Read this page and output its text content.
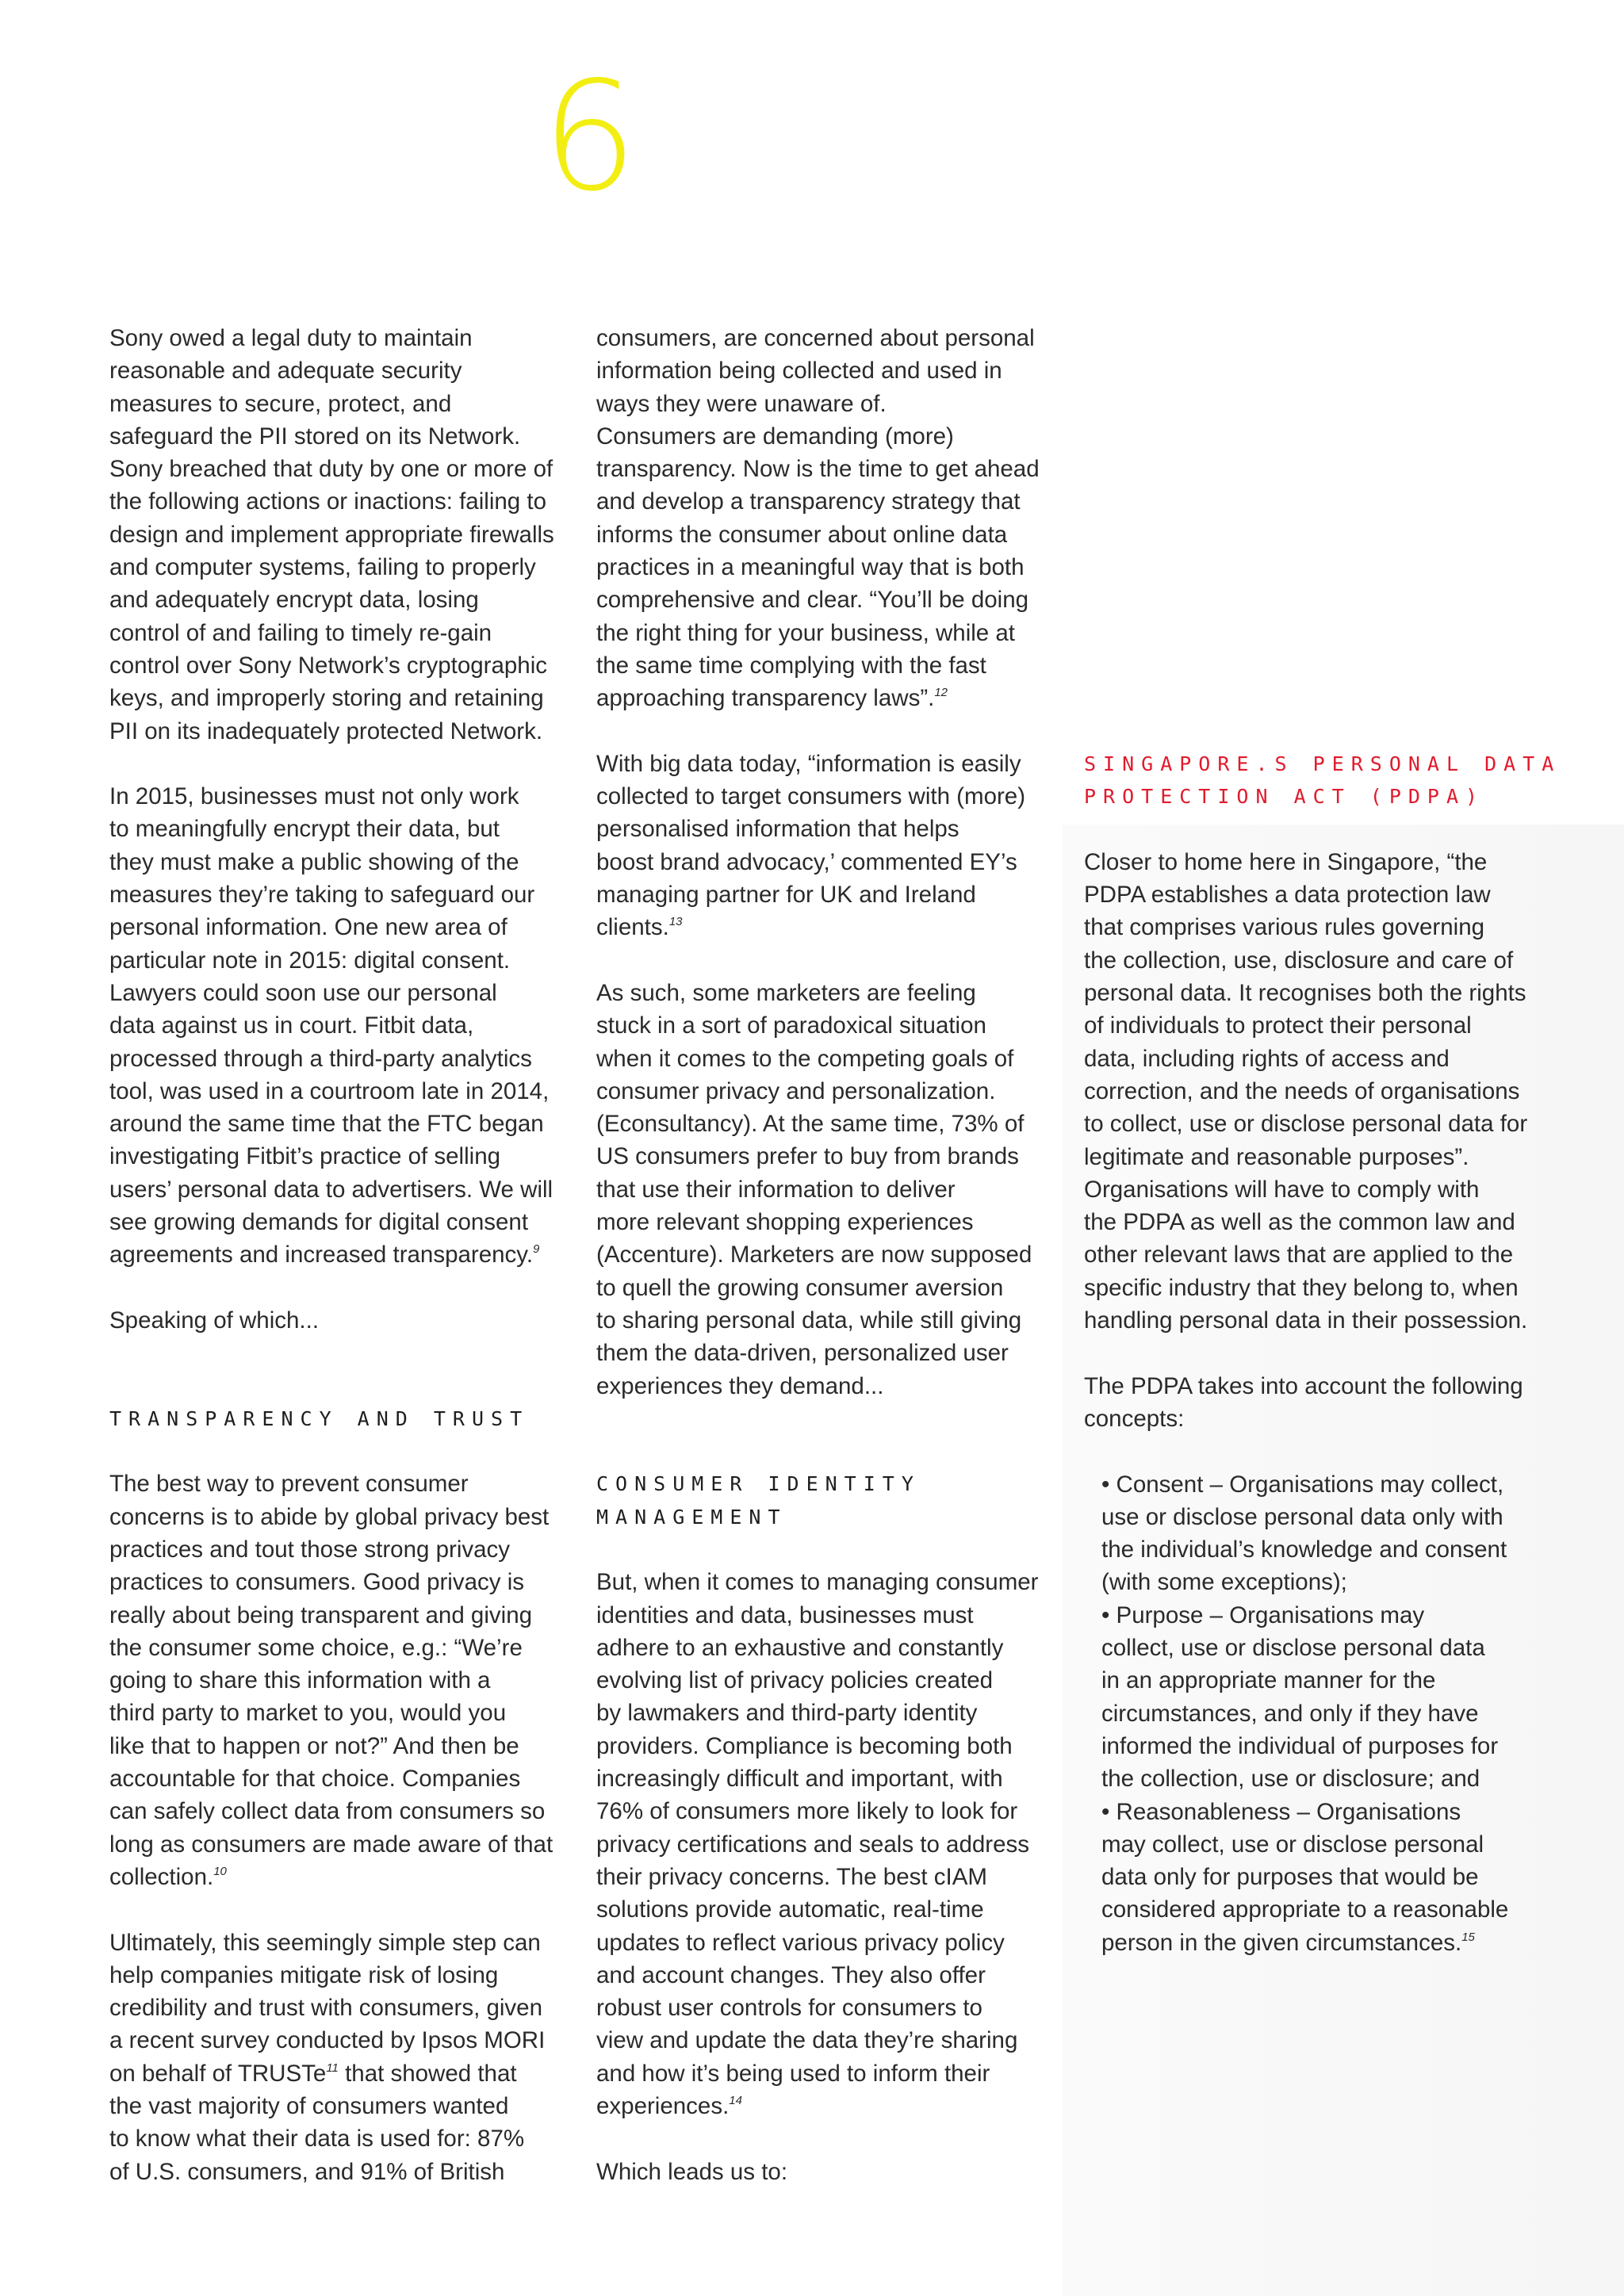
6

Sony owed a legal duty to maintain

reasonable and adequate security

measures to secure, protect, and

safeguard the PII stored on its Network.

Sony breached that duty by one or more of

the following actions or inactions: failing to

design and implement appropriate firewalls

and computer systems, failing to properly

and adequately encrypt data, losing

control of and failing to timely re-gain

control over Sony Network’s cryptographic

keys, and improperly storing and retaining

PII on its inadequately protected Network.

In 2015, businesses must not only work

to meaningfully encrypt their data, but

they must make a public showing of the

measures they’re taking to safeguard our

personal information. One new area of

particular note in 2015: digital consent.

Lawyers could soon use our personal

data against us in court. Fitbit data,

processed through a third-party analytics

tool, was used in a courtroom late in 2014,

around the same time that the FTC began

investigating Fitbit’s practice of selling

users’ personal data to advertisers. We will

see growing demands for digital consent

agreements and increased transparency.$^9$

Speaking of which...

TRANSPARENCY AND TRUST

The best way to prevent consumer

concerns is to abide by global privacy best

practices and tout those strong privacy

practices to consumers. Good privacy is

really about being transparent and giving

the consumer some choice, e.g.: “We’re

going to share this information with a

third party to market to you, would you

like that to happen or not?” And then be

accountable for that choice. Companies

can safely collect data from consumers so

long as consumers are made aware of that

collection.$^{10}$

Ultimately, this seemingly simple step can

help companies mitigate risk of losing

credibility and trust with consumers, given

a recent survey conducted by Ipsos MORI

on behalf of TRUSTe$^{11}$ that showed that

the vast majority of consumers wanted

to know what their data is used for: 87%

of U.S. consumers, and 91% of British

consumers, are concerned about personal

information being collected and used in

ways they were unaware of.

Consumers are demanding (more)

transparency. Now is the time to get ahead

and develop a transparency strategy that

informs the consumer about online data

practices in a meaningful way that is both

comprehensive and clear. “You’ll be doing

the right thing for your business, while at

the same time complying with the fast

approaching transparency laws”.$^{12}$

With big data today, “information is easily

collected to target consumers with (more)

personalised information that helps

boost brand advocacy,’ commented EY’s

managing partner for UK and Ireland

clients.$^{13}$

As such, some marketers are feeling

stuck in a sort of paradoxical situation

when it comes to the competing goals of

consumer privacy and personalization.

(Econsultancy). At the same time, 73% of

US consumers prefer to buy from brands

that use their information to deliver

more relevant shopping experiences

(Accenture). Marketers are now supposed

to quell the growing consumer aversion

to sharing personal data, while still giving

them the data-driven, personalized user

experiences they demand...

CONSUMER IDENTITY
MANAGEMENT

But, when it comes to managing consumer

identities and data, businesses must

adhere to an exhaustive and constantly

evolving list of privacy policies created

by lawmakers and third-party identity

providers. Compliance is becoming both

increasingly difficult and important, with

76% of consumers more likely to look for

privacy certifications and seals to address

their privacy concerns. The best cIAM

solutions provide automatic, real-time

updates to reflect various privacy policy

and account changes. They also offer

robust user controls for consumers to

view and update the data they’re sharing

and how it’s being used to inform their

experiences.$^{14}$

Which leads us to:

SINGAPORE.S PERSONAL DATA
PROTECTION ACT (PDPA)

Closer to home here in Singapore, “the

PDPA establishes a data protection law

that comprises various rules governing

the collection, use, disclosure and care of

personal data. It recognises both the rights

of individuals to protect their personal

data, including rights of access and

correction, and the needs of organisations

to collect, use or disclose personal data for

legitimate and reasonable purposes”.

Organisations will have to comply with

the PDPA as well as the common law and

other relevant laws that are applied to the

specific industry that they belong to, when

handling personal data in their possession.

The PDPA takes into account the following

concepts:

• Consent – Organisations may collect,

use or disclose personal data only with

the individual’s knowledge and consent

(with some exceptions);

• Purpose – Organisations may

collect, use or disclose personal data

in an appropriate manner for the

circumstances, and only if they have

informed the individual of purposes for

the collection, use or disclosure; and

• Reasonableness – Organisations

may collect, use or disclose personal

data only for purposes that would be

considered appropriate to a reasonable

person in the given circumstances.$^{15}$
